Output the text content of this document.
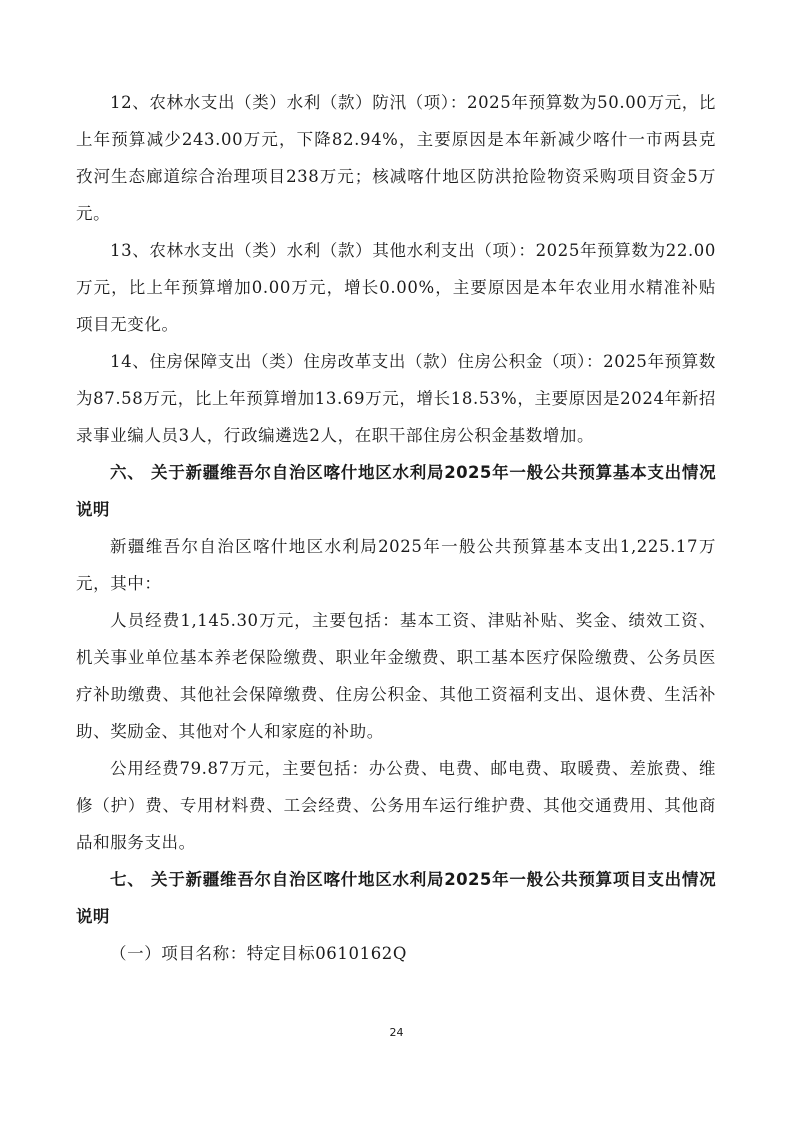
12、农林水支出（类）水利（款）防汛（项）：2025年预算数为50.00万元，比上年预算减少243.00万元，下降82.94%，主要原因是本年新减少喀什一市两县克孜河生态廊道综合治理项目238万元；核减喀什地区防洪抢险物资采购项目资金5万元。

13、农林水支出（类）水利（款）其他水利支出（项）：2025年预算数为22.00万元，比上年预算增加0.00万元，增长0.00%，主要原因是本年农业用水精准补贴项目无变化。

14、住房保障支出（类）住房改革支出（款）住房公积金（项）：2025年预算数为87.58万元，比上年预算增加13.69万元，增长18.53%，主要原因是2024年新招录事业编人员3人，行政编遴选2人，在职干部住房公积金基数增加。

六、 关于新疆维吾尔自治区喀什地区水利局2025年一般公共预算基本支出情况说明

新疆维吾尔自治区喀什地区水利局2025年一般公共预算基本支出1,225.17万元，其中：

人员经费1,145.30万元，主要包括：基本工资、津贴补贴、奖金、绩效工资、机关事业单位基本养老保险缴费、职业年金缴费、职工基本医疗保险缴费、公务员医疗补助缴费、其他社会保障缴费、住房公积金、其他工资福利支出、退休费、生活补助、奖励金、其他对个人和家庭的补助。

公用经费79.87万元，主要包括：办公费、电费、邮电费、取暖费、差旅费、维修（护）费、专用材料费、工会经费、公务用车运行维护费、其他交通费用、其他商品和服务支出。

七、 关于新疆维吾尔自治区喀什地区水利局2025年一般公共预算项目支出情况说明

（一）项目名称：特定目标0610162Q

24
